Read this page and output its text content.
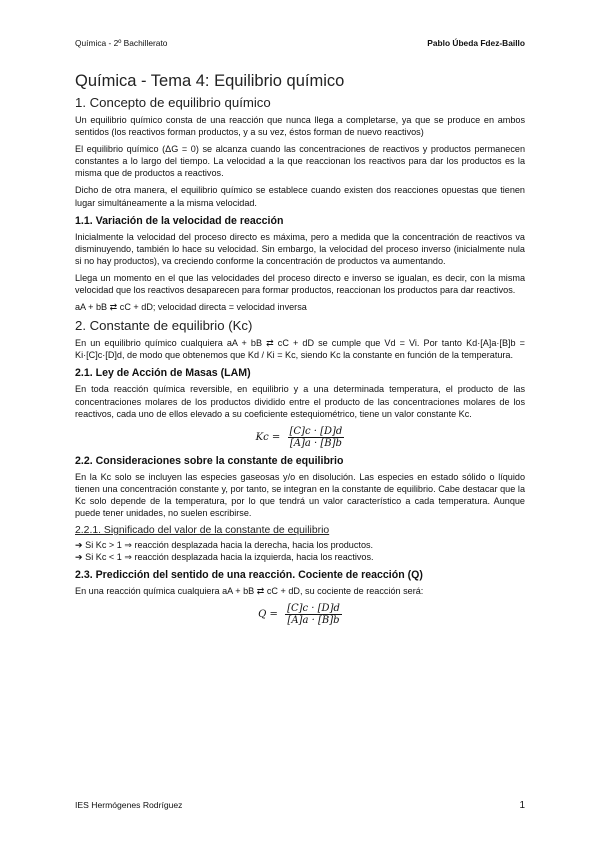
Química - 2º Bachillerato	Pablo Úbeda Fdez-Baillo
Química - Tema 4: Equilibrio químico
1. Concepto de equilibrio químico

Un equilibrio químico consta de una reacción que nunca llega a completarse, ya que se produce en ambos sentidos (los reactivos forman productos, y a su vez, éstos forman de nuevo reactivos)

El equilibrio químico (ΔG = 0) se alcanza cuando las concentraciones de reactivos y productos permanecen constantes a lo largo del tiempo. La velocidad a la que reaccionan los reactivos para dar los productos es la misma que de productos a reactivos.

Dicho de otra manera, el equilibrio químico se establece cuando existen dos reacciones opuestas que tienen lugar simultáneamente a la misma velocidad.

1.1. Variación de la velocidad de reacción

Inicialmente la velocidad del proceso directo es máxima, pero a medida que la concentración de reactivos va disminuyendo, también lo hace su velocidad. Sin embargo, la velocidad del proceso inverso (inicialmente nula si no hay productos), va creciendo conforme la concentración de productos va aumentando.

Llega un momento en el que las velocidades del proceso directo e inverso se igualan, es decir, con la misma velocidad que los reactivos desaparecen para formar productos, reaccionan los productos para dar reactivos.

aA + bB ⇄ cC + dD; velocidad directa = velocidad inversa

2. Constante de equilibrio (Kc)

En un equilibrio químico cualquiera aA + bB ⇄ cC + dD se cumple que Vd = Vi. Por tanto Kd·[A]a·[B]b = Ki·[C]c·[D]d, de modo que obtenemos que Kd / Ki = Kc, siendo Kc la constante en función de la temperatura.

2.1. Ley de Acción de Masas (LAM)

En toda reacción química reversible, en equilibrio y a una determinada temperatura, el producto de las concentraciones molares de los productos dividido entre el producto de las concentraciones molares de los reactivos, cada uno de ellos elevado a su coeficiente estequiométrico, tiene un valor constante Kc.

$Kc = \frac{[C]c \cdot [D]d}{[A]a \cdot [B]b}$
2.2. Consideraciones sobre la constante de equilibrio

En la Kc solo se incluyen las especies gaseosas y/o en disolución. Las especies en estado sólido o líquido tienen una concentración constante y, por tanto, se integran en la constante de equilibrio. Cabe destacar que la Kc solo depende de la temperatura, por lo que tendrá un valor característico a cada temperatura. Aunque puede tener unidades, no suelen escribirse.

2.2.1. Significado del valor de la constante de equilibrio
➔ Si Kc > 1 ⇒ reacción desplazada hacia la derecha, hacia los productos.
➔ Si Kc < 1 ⇒ reacción desplazada hacia la izquierda, hacia los reactivos.
2.3. Predicción del sentido de una reacción. Cociente de reacción (Q)

En una reacción química cualquiera aA + bB ⇄ cC + dD, su cociente de reacción será:

$Q = \frac{[C]c \cdot [D]d}{[A]a \cdot [B]b}$
IES Hermógenes Rodríguez	1
